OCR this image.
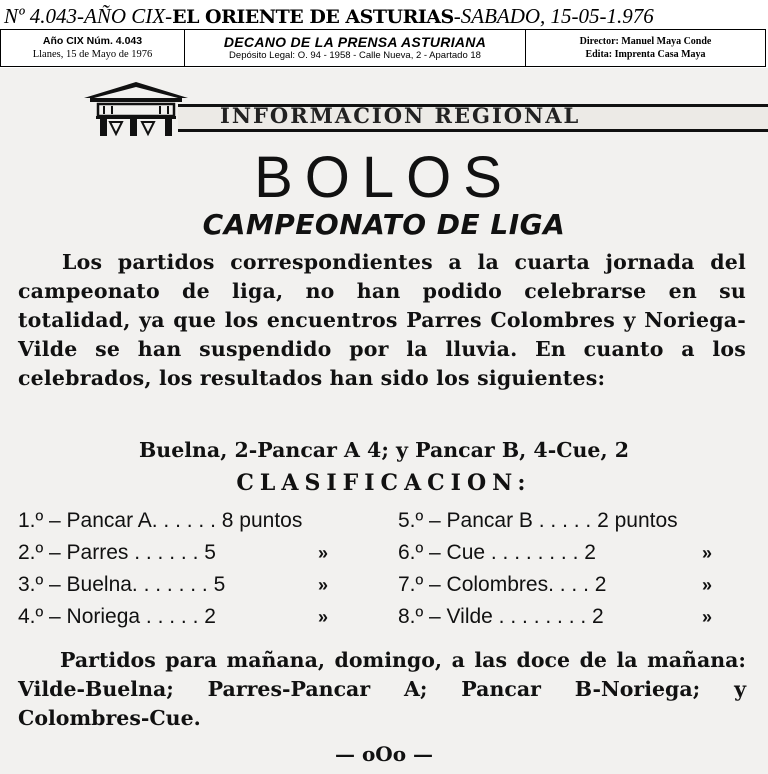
Nº 4.043-AÑO CIX-EL ORIENTE DE ASTURIAS-SABADO, 15-05-1.976
Año CIX Núm. 4.043
Llanes, 15 de Mayo de 1976
DECANO DE LA PRENSA ASTURIANA
Depósito Legal: O. 94 - 1958 - Calle Nueva, 2 - Apartado 18
Director: Manuel Maya Conde
Edita: Imprenta Casa Maya

INFORMACION REGIONAL
BOLOS
CAMPEONATO DE LIGA
Los partidos correspondientes a la cuarta jornada del campeonato de liga, no han podido celebrarse en su totalidad, ya que los encuentros Parres Colombres y Noriega-Vilde se han suspendido por la lluvia. En cuanto a los celebrados, los resultados han sido los siguientes:
Buelna, 2-Pancar A 4; y Pancar B, 4-Cue, 2
CLASIFICACION:
1.º – Pancar A. . . . . . 8 puntos	5.º – Pancar B . . . . . 2 puntos
2.º – Parres . . . . . . 5	»	6.º – Cue . . . . . . . . 2	»
3.º – Buelna. . . . . . . 5	»	7.º – Colombres. . . . 2	»
4.º – Noriega . . . . . 2	»	8.º – Vilde . . . . . . . . 2	»
Partidos para mañana, domingo, a las doce de la mañana: Vilde-Buelna; Parres-Pancar A; Pancar B-Noriega; y Colombres-Cue.
— oOo —
